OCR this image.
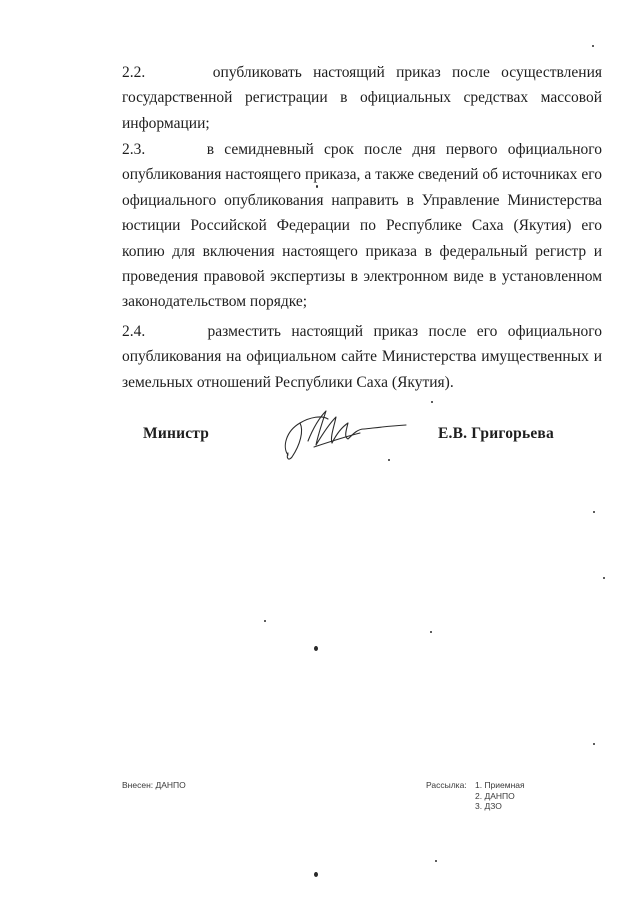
2.2.	опубликовать настоящий приказ после осуществления государственной регистрации в официальных средствах массовой информации;
2.3.	в семидневный срок после дня первого официального опубликования настоящего приказа, а также сведений об источниках его официального опубликования направить в Управление Министерства юстиции Российской Федерации по Республике Саха (Якутия) его копию для включения настоящего приказа в федеральный регистр и проведения правовой экспертизы в электронном виде в установленном законодательством порядке;
2.4.	разместить настоящий приказ после его официального опубликования на официальном сайте Министерства имущественных и земельных отношений Республики Саха (Якутия).
Министр	Е.В. Григорьева
Внесен: ДАНПО	Рассылка: 1. Приемная
2. ДАНПО
3. ДЗО
